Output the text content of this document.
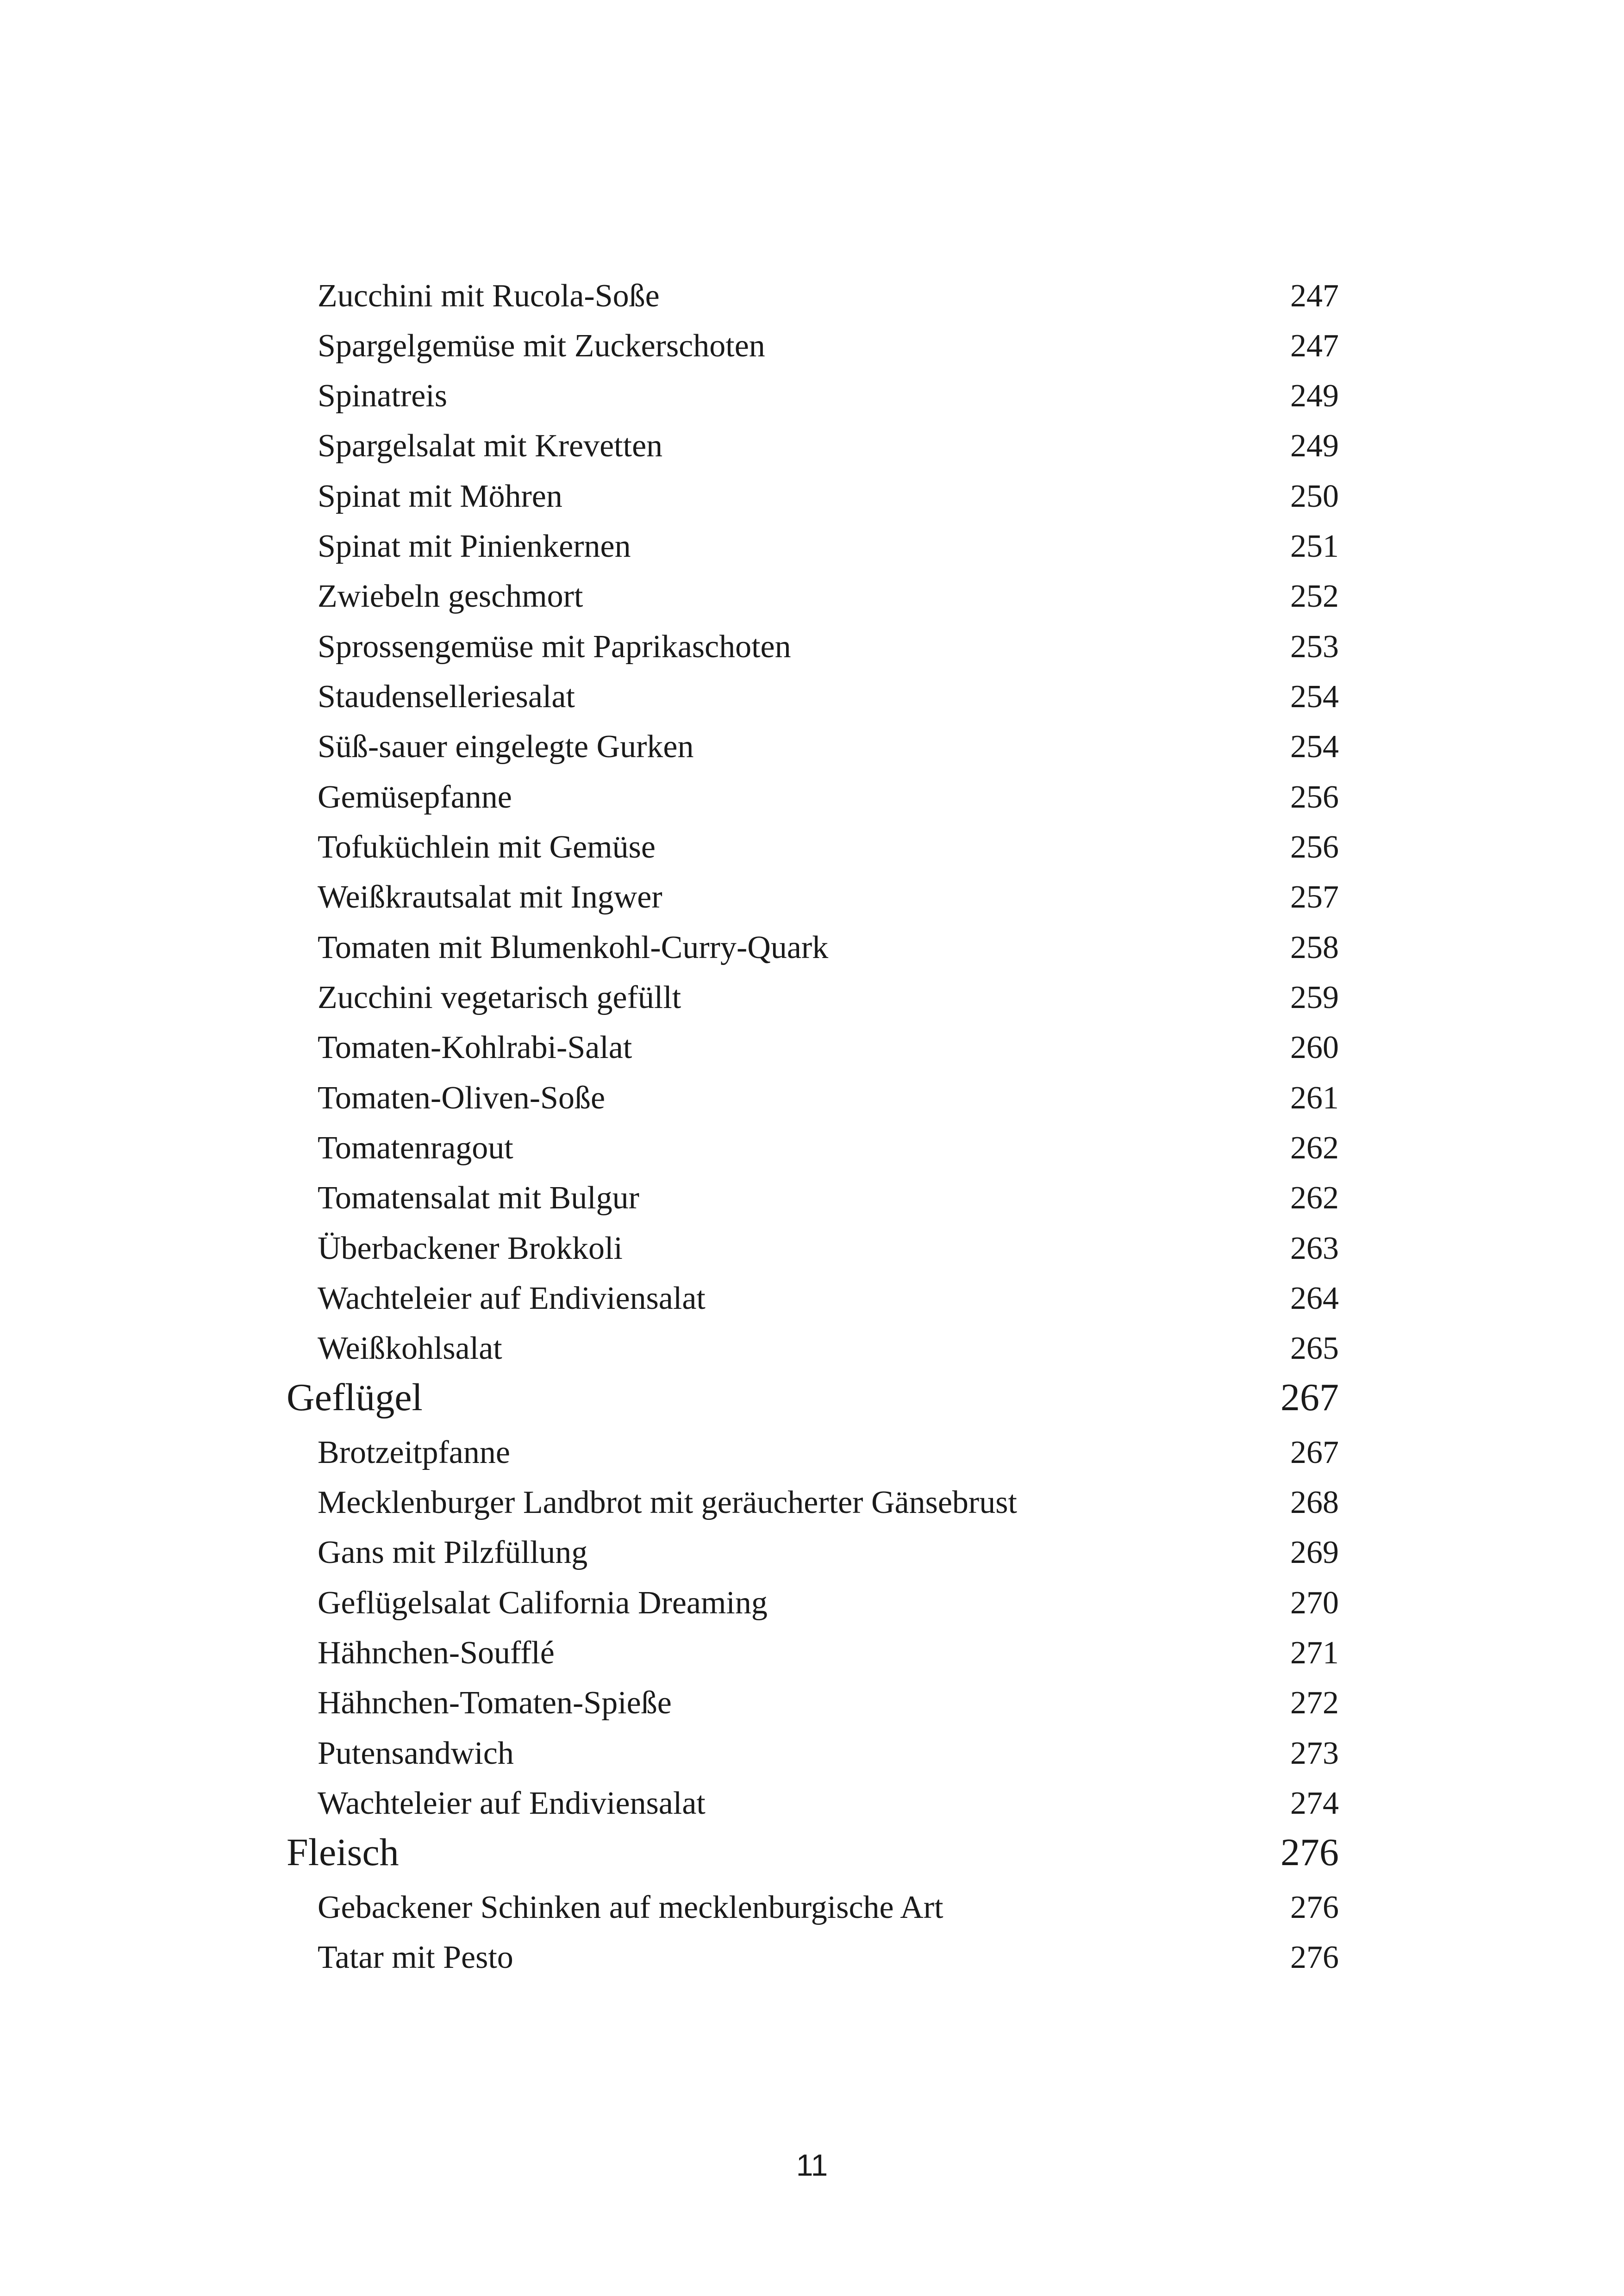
Zucchini mit Rucola-Soße	247
Spargelgemüse mit Zuckerschoten	247
Spinatreis	249
Spargelsalat mit Krevetten	249
Spinat mit Möhren	250
Spinat mit Pinienkernen	251
Zwiebeln geschmort	252
Sprossengemüse mit Paprikaschoten	253
Staudenselleriesalat	254
Süß-sauer eingelegte Gurken	254
Gemüsepfanne	256
Tofuküchlein mit Gemüse	256
Weißkrautsalat mit Ingwer	257
Tomaten mit Blumenkohl-Curry-Quark	258
Zucchini vegetarisch gefüllt	259
Tomaten-Kohlrabi-Salat	260
Tomaten-Oliven-Soße	261
Tomatenragout	262
Tomatensalat mit Bulgur	262
Überbackener Brokkoli	263
Wachteleier auf Endiviensalat	264
Weißkohlsalat	265
Geflügel	267
Brotzeitpfanne	267
Mecklenburger Landbrot mit geräucherter Gänsebrust	268
Gans mit Pilzfüllung	269
Geflügelsalat California Dreaming	270
Hähnchen-Soufflé	271
Hähnchen-Tomaten-Spieße	272
Putensandwich	273
Wachteleier auf Endiviensalat	274
Fleisch	276
Gebackener Schinken auf mecklenburgische Art	276
Tatar mit Pesto	276
11
